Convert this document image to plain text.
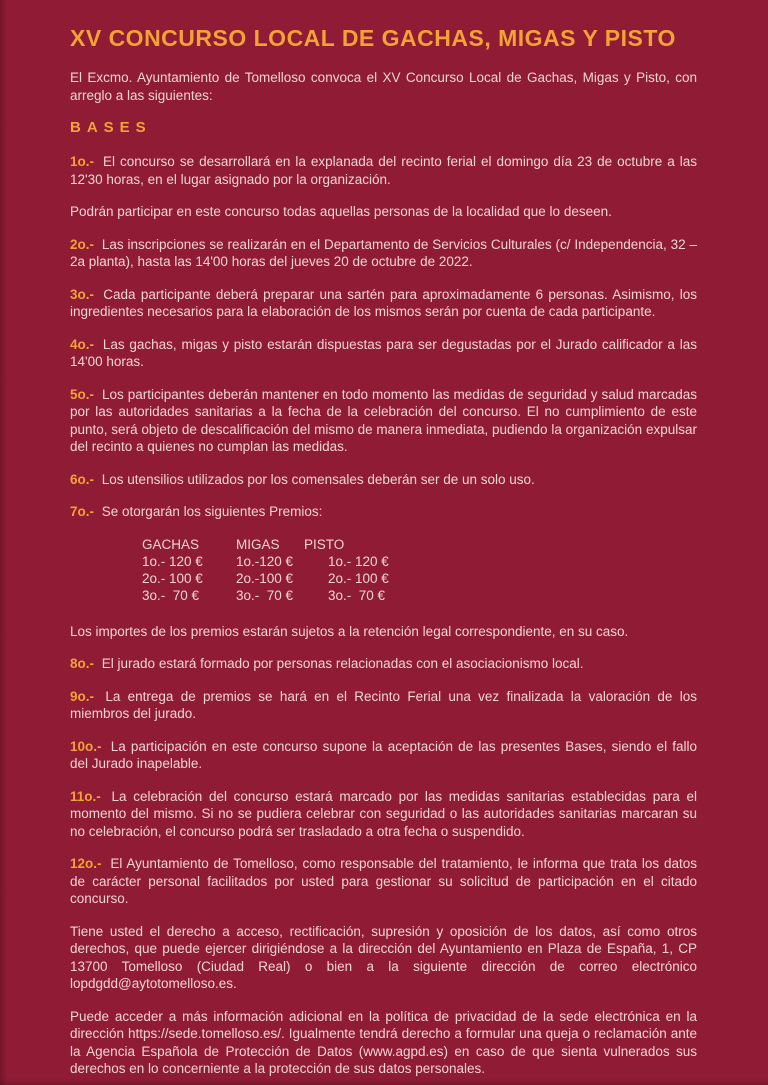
XV CONCURSO LOCAL DE GACHAS, MIGAS Y PISTO

El Excmo. Ayuntamiento de Tomelloso convoca el XV Concurso Local de Gachas, Migas y Pisto, con arreglo a las siguientes:

BASES

1o.- El concurso se desarrollará en la explanada del recinto ferial el domingo día 23 de octubre a las 12'30 horas, en el lugar asignado por la organización.

Podrán participar en este concurso todas aquellas personas de la localidad que lo deseen.

2o.- Las inscripciones se realizarán en el Departamento de Servicios Culturales (c/ Independencia, 32 – 2a planta), hasta las 14'00 horas del jueves 20 de octubre de 2022.

3o.- Cada participante deberá preparar una sartén para aproximadamente 6 personas. Asimismo, los ingredientes necesarios para la elaboración de los mismos serán por cuenta de cada participante.

4o.- Las gachas, migas y pisto estarán dispuestas para ser degustadas por el Jurado calificador a las 14'00 horas.

5o.- Los participantes deberán mantener en todo momento las medidas de seguridad y salud marcadas por las autoridades sanitarias a la fecha de la celebración del concurso. El no cumplimiento de este punto, será objeto de descalificación del mismo de manera inmediata, pudiendo la organización expulsar del recinto a quienes no cumplan las medidas.

6o.- Los utensilios utilizados por los comensales deberán ser de un solo uso.

7o.- Se otorgarán los siguientes Premios:

GACHAS
1o.- 120 €
2o.- 100 €
3o.-  70 €
MIGAS
1o.-120 €
2o.-100 €
3o.-  70 €
PISTO
1o.- 120 €
2o.- 100 €
3o.-  70 €

Los importes de los premios estarán sujetos a la retención legal correspondiente, en su caso.

8o.- El jurado estará formado por personas relacionadas con el asociacionismo local.

9o.- La entrega de premios se hará en el Recinto Ferial una vez finalizada la valoración de los miembros del jurado.

10o.- La participación en este concurso supone la aceptación de las presentes Bases, siendo el fallo del Jurado inapelable.

11o.- La celebración del concurso estará marcado por las medidas sanitarias establecidas para el momento del mismo. Si no se pudiera celebrar con seguridad o las autoridades sanitarias marcaran su no celebración, el concurso podrá ser trasladado a otra fecha o suspendido.

12o.- El Ayuntamiento de Tomelloso, como responsable del tratamiento, le informa que trata los datos de carácter personal facilitados por usted para gestionar su solicitud de participación en el citado concurso.

Tiene usted el derecho a acceso, rectificación, supresión y oposición de los datos, así como otros derechos, que puede ejercer dirigiéndose a la dirección del Ayuntamiento en Plaza de España, 1, CP 13700 Tomelloso (Ciudad Real) o bien a la siguiente dirección de correo electrónico lopdgdd@aytotomelloso.es.

Puede acceder a más información adicional en la política de privacidad de la sede electrónica en la dirección https://sede.tomelloso.es/. Igualmente tendrá derecho a formular una queja o reclamación ante la Agencia Española de Protección de Datos (www.agpd.es) en caso de que sienta vulnerados sus derechos en lo concerniente a la protección de sus datos personales.
